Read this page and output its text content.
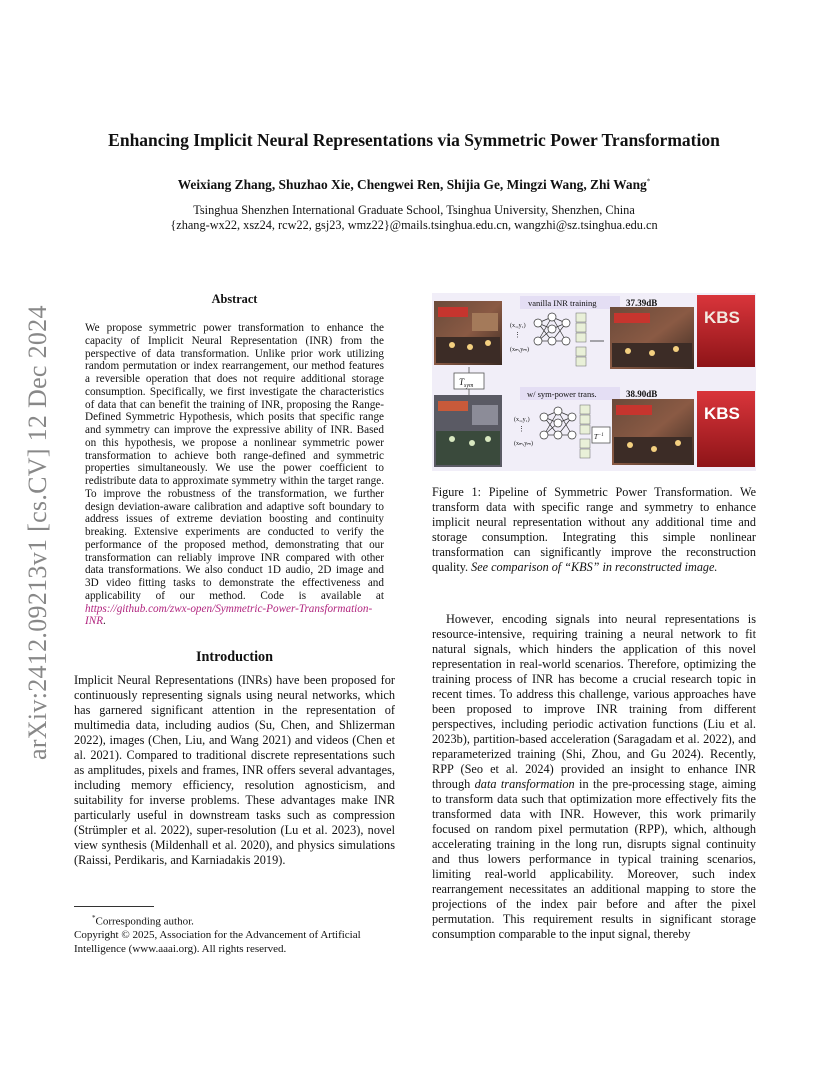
arXiv:2412.09213v1 [cs.CV] 12 Dec 2024
Enhancing Implicit Neural Representations via Symmetric Power Transformation
Weixiang Zhang, Shuzhao Xie, Chengwei Ren, Shijia Ge, Mingzi Wang, Zhi Wang*
Tsinghua Shenzhen International Graduate School, Tsinghua University, Shenzhen, China
{zhang-wx22, xsz24, rcw22, gsj23, wmz22}@mails.tsinghua.edu.cn, wangzhi@sz.tsinghua.edu.cn
Abstract

We propose symmetric power transformation to enhance the capacity of Implicit Neural Representation (INR) from the perspective of data transformation. Unlike prior work utilizing random permutation or index rearrangement, our method features a reversible operation that does not require additional storage consumption. Specifically, we first investigate the characteristics of data that can benefit the training of INR, proposing the Range-Defined Symmetric Hypothesis, which posits that specific range and symmetry can improve the expressive ability of INR. Based on this hypothesis, we propose a nonlinear symmetric power transformation to achieve both range-defined and symmetric properties simultaneously. We use the power coefficient to redistribute data to approximate symmetry within the target range. To improve the robustness of the transformation, we further design deviation-aware calibration and adaptive soft boundary to address issues of extreme deviation boosting and continuity breaking. Extensive experiments are conducted to verify the performance of the proposed method, demonstrating that our transformation can reliably improve INR compared with other data transformations. We also conduct 1D audio, 2D image and 3D video fitting tasks to demonstrate the effectiveness and applicability of our method. Code is available at https://github.com/zwx-open/Symmetric-Power-Transformation-INR.

Introduction

Implicit Neural Representations (INRs) have been proposed for continuously representing signals using neural networks, which has garnered significant attention in the representation of multimedia data, including audios (Su, Chen, and Shlizerman 2022), images (Chen, Liu, and Wang 2021) and videos (Chen et al. 2021). Compared to traditional discrete representations such as amplitudes, pixels and frames, INR offers several advantages, including memory efficiency, resolution agnosticism, and suitability for inverse problems. These advantages make INR particularly useful in downstream tasks such as compression (Strümpler et al. 2022), super-resolution (Lu et al. 2023), novel view synthesis (Mildenhall et al. 2020), and physics simulations (Raissi, Perdikaris, and Karniadakis 2019).

*Corresponding author.
Copyright © 2025, Association for the Advancement of Artificial Intelligence (www.aaai.org). All rights reserved.
vanilla INR training	37.39dB
w/ sym-power trans.	38.90dB
$T_{sym}$
$T^{-1}$
(x₁,y₁)
⋮
(xₘ,yₘ)
(x₁,y₁)
⋮
(xₘ,yₘ)
KBS
KBS
Figure 1: Pipeline of Symmetric Power Transformation. We transform data with specific range and symmetry to enhance implicit neural representation without any additional time and storage consumption. Integrating this simple nonlinear transformation can significantly improve the reconstruction quality. See comparison of “KBS” in reconstructed image.

However, encoding signals into neural representations is resource-intensive, requiring training a neural network to fit natural signals, which hinders the application of this novel representation in real-world scenarios. Therefore, optimizing the training process of INR has become a crucial research topic in recent times. To address this challenge, various approaches have been proposed to improve INR training from different perspectives, including periodic activation functions (Liu et al. 2023b), partition-based acceleration (Saragadam et al. 2022), and reparameterized training (Shi, Zhou, and Gu 2024). Recently, RPP (Seo et al. 2024) provided an insight to enhance INR through data transformation in the pre-processing stage, aiming to transform data such that optimization more effectively fits the transformed data with INR. However, this work primarily focused on random pixel permutation (RPP), which, although accelerating training in the long run, disrupts signal continuity and thus lowers performance in typical training scenarios, limiting real-world applicability. Moreover, such index rearrangement necessitates an additional mapping to store the projections of the index pair before and after the pixel permutation. This requirement results in significant storage consumption comparable to the input signal, thereby
